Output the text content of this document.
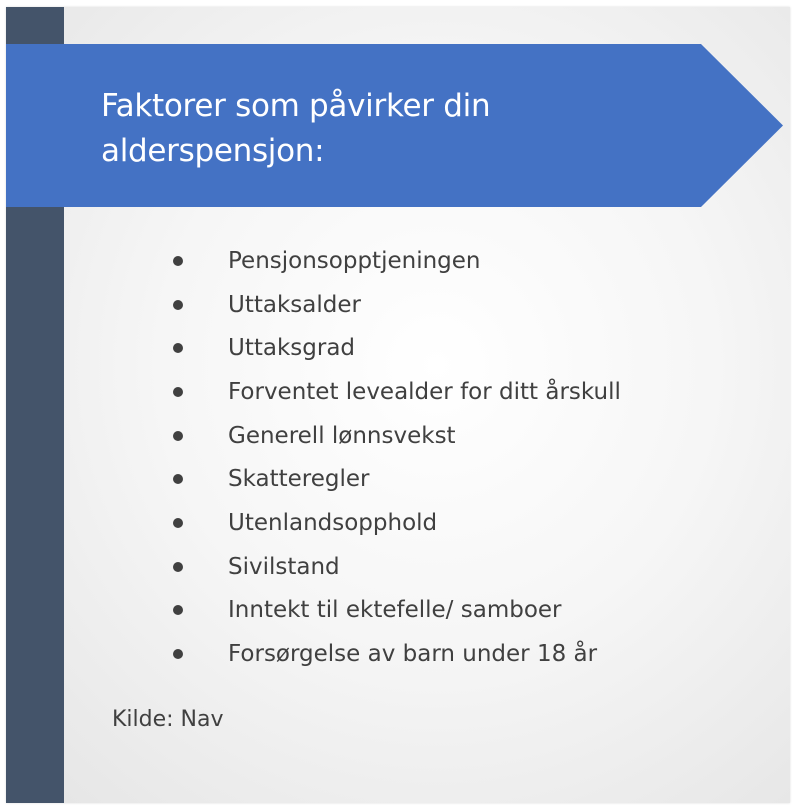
Faktorer som påvirker din alderspensjon:
Pensjonsopptjeningen
Uttaksalder
Uttaksgrad
Forventet levealder for ditt årskull
Generell lønnsvekst
Skatteregler
Utenlandsopphold
Sivilstand
Inntekt til ektefelle/ samboer
Forsørgelse av barn under 18 år

Kilde: Nav
